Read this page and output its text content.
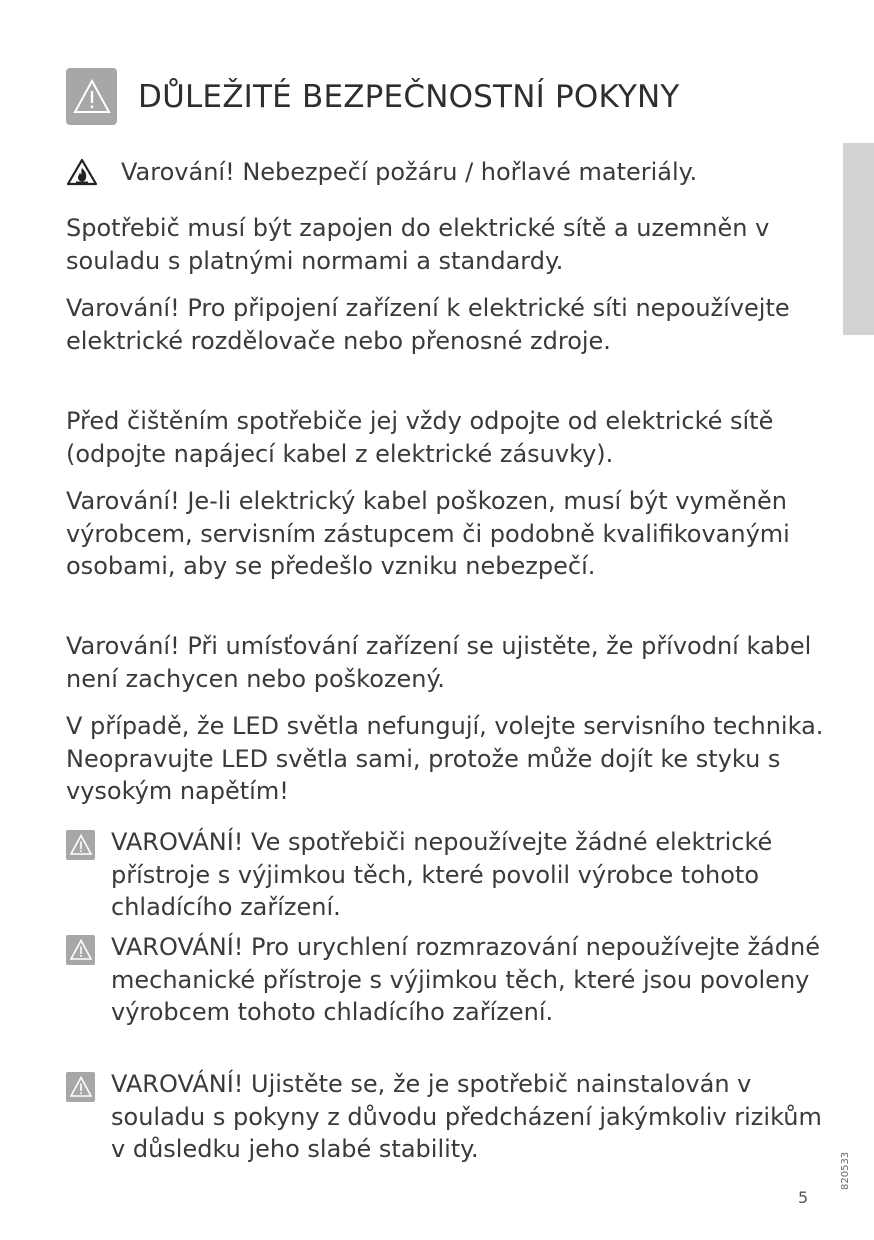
DŮLEŽITÉ BEZPEČNOSTNÍ POKYNY
Varování! Nebezpečí požáru / hořlavé materiály.

Spotřebič musí být zapojen do elektrické sítě a uzemněn v souladu s platnými normami a standardy.

Varování! Pro připojení zařízení k elektrické síti nepoužívejte elektrické rozdělovače nebo přenosné zdroje.

Před čištěním spotřebiče jej vždy odpojte od elektrické sítě (odpojte napájecí kabel z elektrické zásuvky).

Varování! Je-li elektrický kabel poškozen, musí být vyměněn výrobcem, servisním zástupcem či podobně kvalifikovanými osobami, aby se předešlo vzniku nebezpečí.

Varování! Při umísťování zařízení se ujistěte, že přívodní kabel není zachycen nebo poškozený.

V případě, že LED světla nefungují, volejte servisního technika. Neopravujte LED světla sami, protože může dojít ke styku s vysokým napětím!

VAROVÁNÍ! Ve spotřebiči nepoužívejte žádné elektrické přístroje s výjimkou těch, které povolil výrobce tohoto chladícího zařízení.

VAROVÁNÍ! Pro urychlení rozmrazování nepoužívejte žádné mechanické přístroje s výjimkou těch, které jsou povoleny výrobcem tohoto chladícího zařízení.

VAROVÁNÍ! Ujistěte se, že je spotřebič nainstalován v souladu s pokyny z důvodu předcházení jakýmkoliv rizikům v důsledku jeho slabé stability.

5
820533
